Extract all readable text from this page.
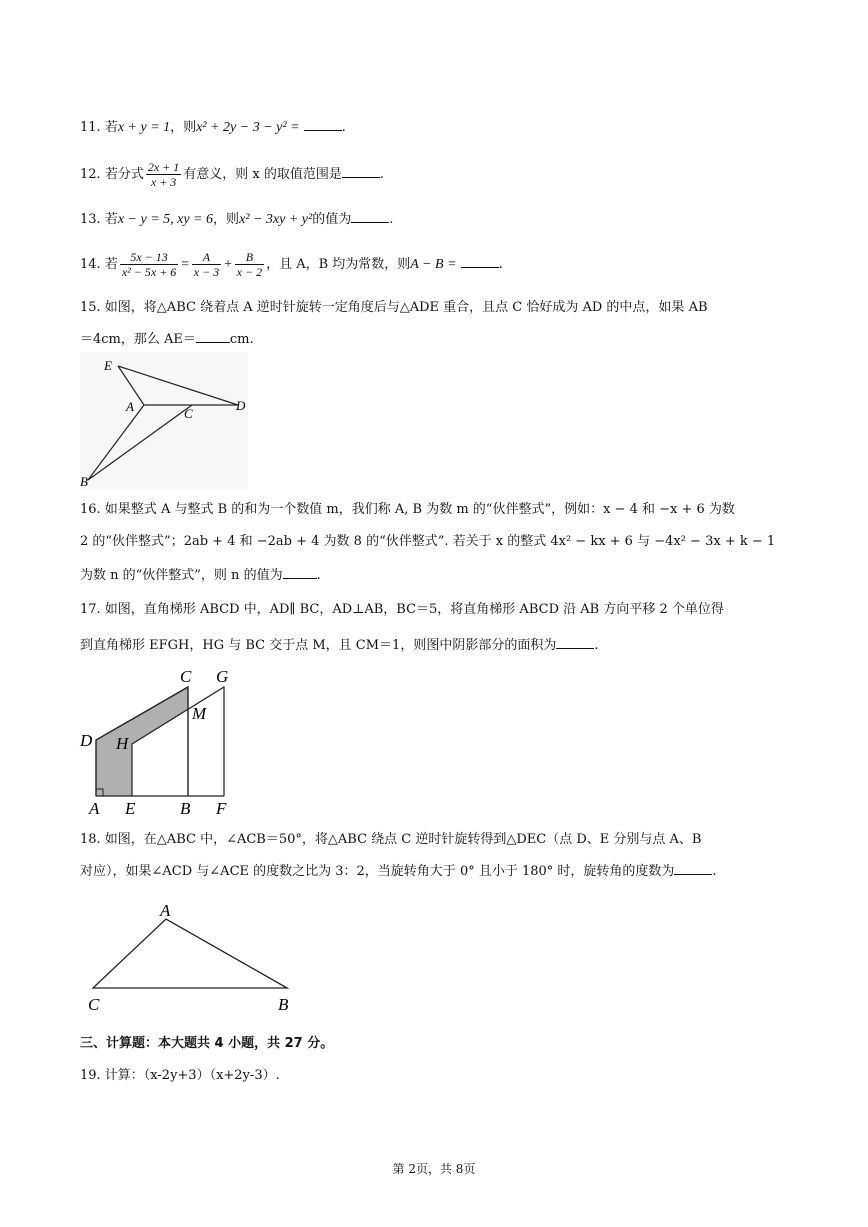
11. 若x + y = 1，则x² + 2y − 3 − y² =	.
12. 若分式 $\frac{2x + 1}{x + 3}$ 有意义，则 x 的取值范围是	.
13. 若x − y = 5, xy = 6，则x² − 3xy + y²的值为	.
14. 若 $\frac{5x - 13}{\text{x² − 5x + 6}} = \frac{A}{x - 3} + \frac{B}{x - 2}$ ，且 A，B 均为常数，则A − B =	.
15. 如图，将△ABC 绕着点 A 逆时针旋转一定角度后与△ADE 重合，且点 C 恰好成为 AD 的中点，如果 AB
＝4cm，那么 AE＝	cm.
E
A	C
D
B
16. 如果整式 A 与整式 B 的和为一个数值 m，我们称 A, B 为数 m 的“伙伴整式”，例如：x − 4 和 −x + 6 为数
2 的“伙伴整式”；2ab + 4 和 −2ab + 4 为数 8 的“伙伴整式”. 若关于 x 的整式 4x² − kx + 6 与 −4x² − 3x + k − 1
为数 n 的“伙伴整式”，则 n 的值为	.
17. 如图，直角梯形 ABCD 中，AD∥ BC，AD⊥AB，BC＝5，将直角梯形 ABCD 沿 AB 方向平移 2 个单位得
到直角梯形 EFGH，HG 与 BC 交于点 M，且 CM＝1，则图中阴影部分的面积为	.
C G
M
D H
A E	B F
18. 如图，在△ABC 中，∠ACB＝50°，将△ABC 绕点 C 逆时针旋转得到△DEC（点 D、E 分别与点 A、B
对应），如果∠ACD 与∠ACE 的度数之比为 3：2，当旋转角大于 0° 且小于 180° 时，旋转角的度数为	.
A
C	B
三、计算题：本大题共 4 小题，共 27 分。
19. 计算：（x-2y+3）（x+2y-3）.
第 2页，共 8页
